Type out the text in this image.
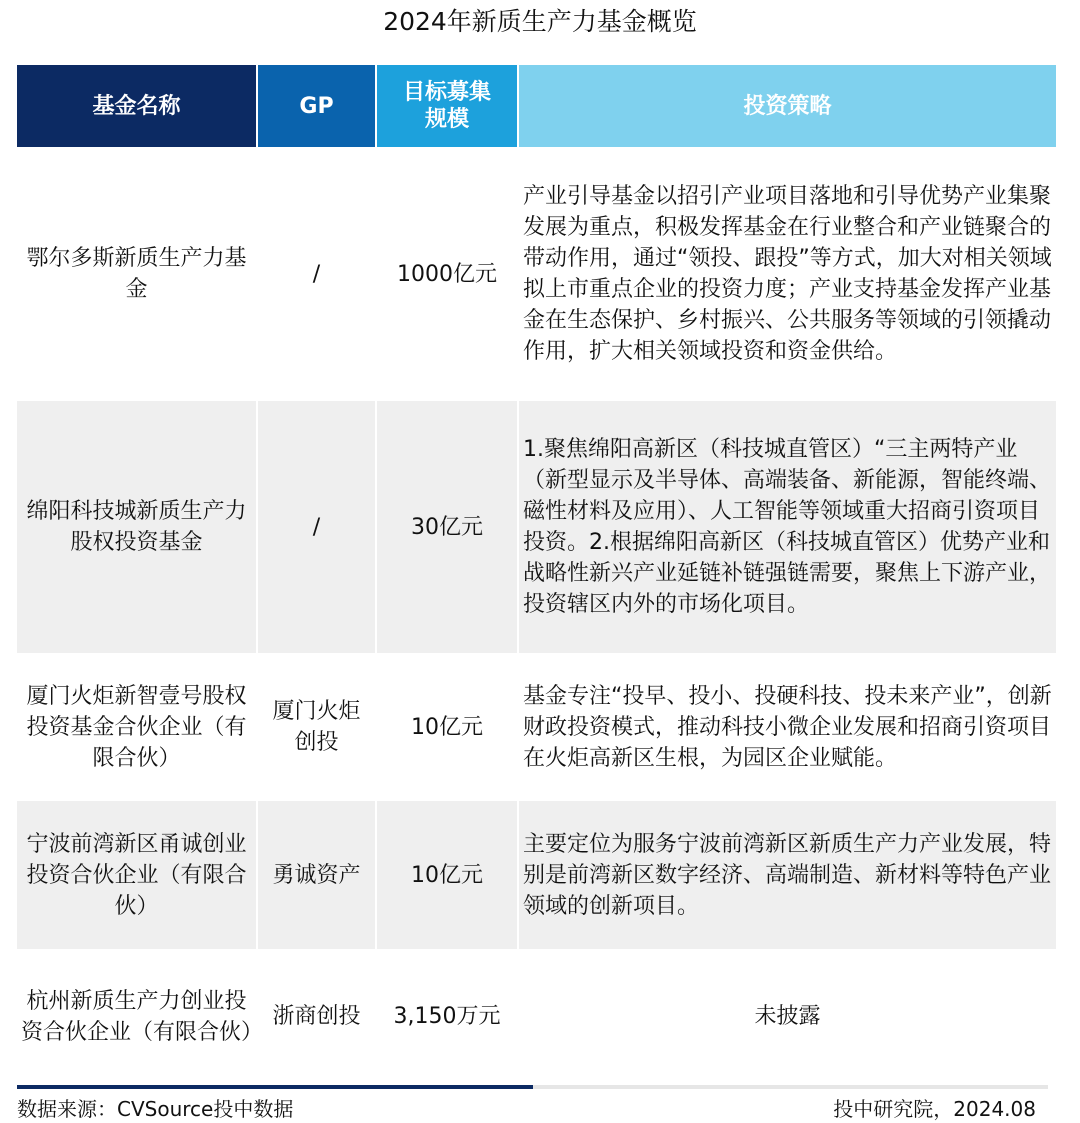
2024年新质生产力基金概览
基金名称	GP	目标募集规模	投资策略
鄂尔多斯新质生产力基金	/	1000亿元	产业引导基金以招引产业项目落地和引导优势产业集聚发展为重点，积极发挥基金在行业整合和产业链聚合的带动作用，通过“领投、跟投”等方式，加大对相关领域拟上市重点企业的投资力度；产业支持基金发挥产业基金在生态保护、乡村振兴、公共服务等领域的引领撬动作用，扩大相关领域投资和资金供给。
绵阳科技城新质生产力股权投资基金	/	30亿元	1.聚焦绵阳高新区（科技城直管区）“三主两特产业（新型显示及半导体、高端装备、新能源，智能终端、磁性材料及应用）、人工智能等领域重大招商引资项目投资。2.根据绵阳高新区（科技城直管区）优势产业和战略性新兴产业延链补链强链需要，聚焦上下游产业，投资辖区内外的市场化项目。
厦门火炬新智壹号股权投资基金合伙企业（有限合伙）	厦门火炬创投	10亿元	基金专注“投早、投小、投硬科技、投未来产业”，创新财政投资模式，推动科技小微企业发展和招商引资项目在火炬高新区生根，为园区企业赋能。
宁波前湾新区甬诚创业投资合伙企业（有限合伙）	勇诚资产	10亿元	主要定位为服务宁波前湾新区新质生产力产业发展，特别是前湾新区数字经济、高端制造、新材料等特色产业领域的创新项目。
杭州新质生产力创业投资合伙企业（有限合伙）	浙商创投	3,150万元	未披露
数据来源：CVSource投中数据	投中研究院，2024.08
